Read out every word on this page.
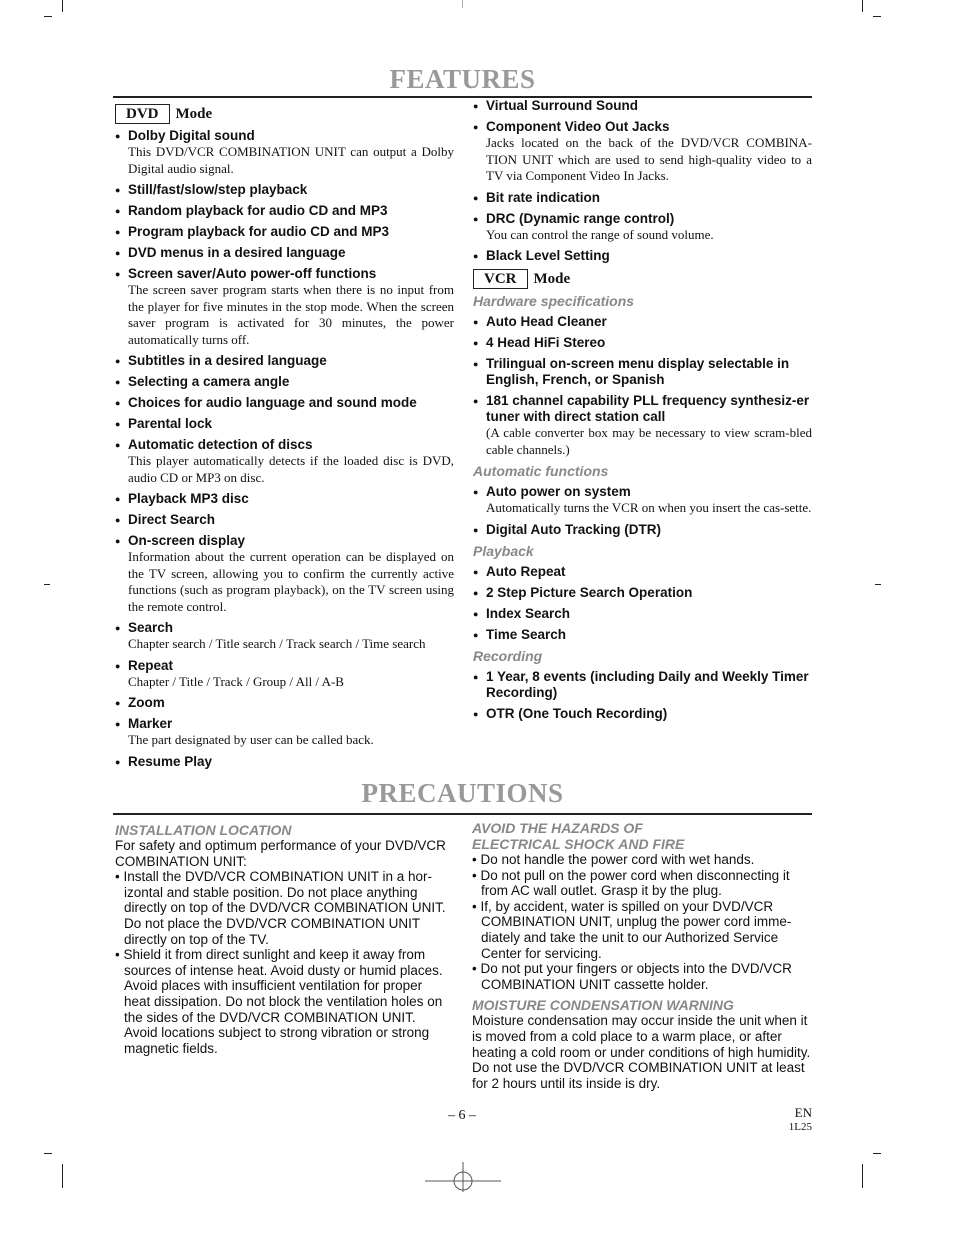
FEATURES
DVD Mode
● Dolby Digital sound
This DVD/VCR COMBINATION UNIT can output a Dolby Digital audio signal.
● Still/fast/slow/step playback
● Random playback for audio CD and MP3
● Program playback for audio CD and MP3
● DVD menus in a desired language
● Screen saver/Auto power-off functions
The screen saver program starts when there is no input from the player for five minutes in the stop mode. When the screen saver program is activated for 30 minutes, the power automatically turns off.
● Subtitles in a desired language
● Selecting a camera angle
● Choices for audio language and sound mode
● Parental lock
● Automatic detection of discs
This player automatically detects if the loaded disc is DVD, audio CD or MP3 on disc.
● Playback MP3 disc
● Direct Search
● On-screen display
Information about the current operation can be displayed on the TV screen, allowing you to confirm the currently active functions (such as program playback), on the TV screen using the remote control.
● Search
Chapter search / Title search / Track search / Time search
● Repeat
Chapter / Title / Track / Group / All / A-B
● Zoom
● Marker
The part designated by user can be called back.
● Resume Play
● Virtual Surround Sound
● Component Video Out Jacks
Jacks located on the back of the DVD/VCR COMBINA-TION UNIT which are used to send high-quality video to a TV via Component Video In Jacks.
● Bit rate indication
● DRC (Dynamic range control)
You can control the range of sound volume.
● Black Level Setting
VCR Mode
Hardware specifications
● Auto Head Cleaner
● 4 Head HiFi Stereo
● Trilingual on-screen menu display selectable in English, French, or Spanish
● 181 channel capability PLL frequency synthesiz-er tuner with direct station call
(A cable converter box may be necessary to view scram-bled cable channels.)
Automatic functions
● Auto power on system
Automatically turns the VCR on when you insert the cas-sette.
● Digital Auto Tracking (DTR)
Playback
● Auto Repeat
● 2 Step Picture Search Operation
● Index Search
● Time Search
Recording
● 1 Year, 8 events (including Daily and Weekly Timer Recording)
● OTR (One Touch Recording)
PRECAUTIONS
INSTALLATION LOCATION
For safety and optimum performance of your DVD/VCR COMBINATION UNIT:
• Install the DVD/VCR COMBINATION UNIT in a hor-izontal and stable position. Do not place anything directly on top of the DVD/VCR COMBINATION UNIT. Do not place the DVD/VCR COMBINATION UNIT directly on top of the TV.
• Shield it from direct sunlight and keep it away from sources of intense heat. Avoid dusty or humid places. Avoid places with insufficient ventilation for proper heat dissipation. Do not block the ventilation holes on the sides of the DVD/VCR COMBINATION UNIT. Avoid locations subject to strong vibration or strong magnetic fields.
AVOID THE HAZARDS OF
ELECTRICAL SHOCK AND FIRE
• Do not handle the power cord with wet hands.
• Do not pull on the power cord when disconnecting it from AC wall outlet. Grasp it by the plug.
• If, by accident, water is spilled on your DVD/VCR COMBINATION UNIT, unplug the power cord imme-diately and take the unit to our Authorized Service Center for servicing.
• Do not put your fingers or objects into the DVD/VCR COMBINATION UNIT cassette holder.
MOISTURE CONDENSATION WARNING
Moisture condensation may occur inside the unit when it is moved from a cold place to a warm place, or after heating a cold room or under conditions of high humidity. Do not use the DVD/VCR COMBINATION UNIT at least for 2 hours until its inside is dry.
– 6 –	EN
1L25
